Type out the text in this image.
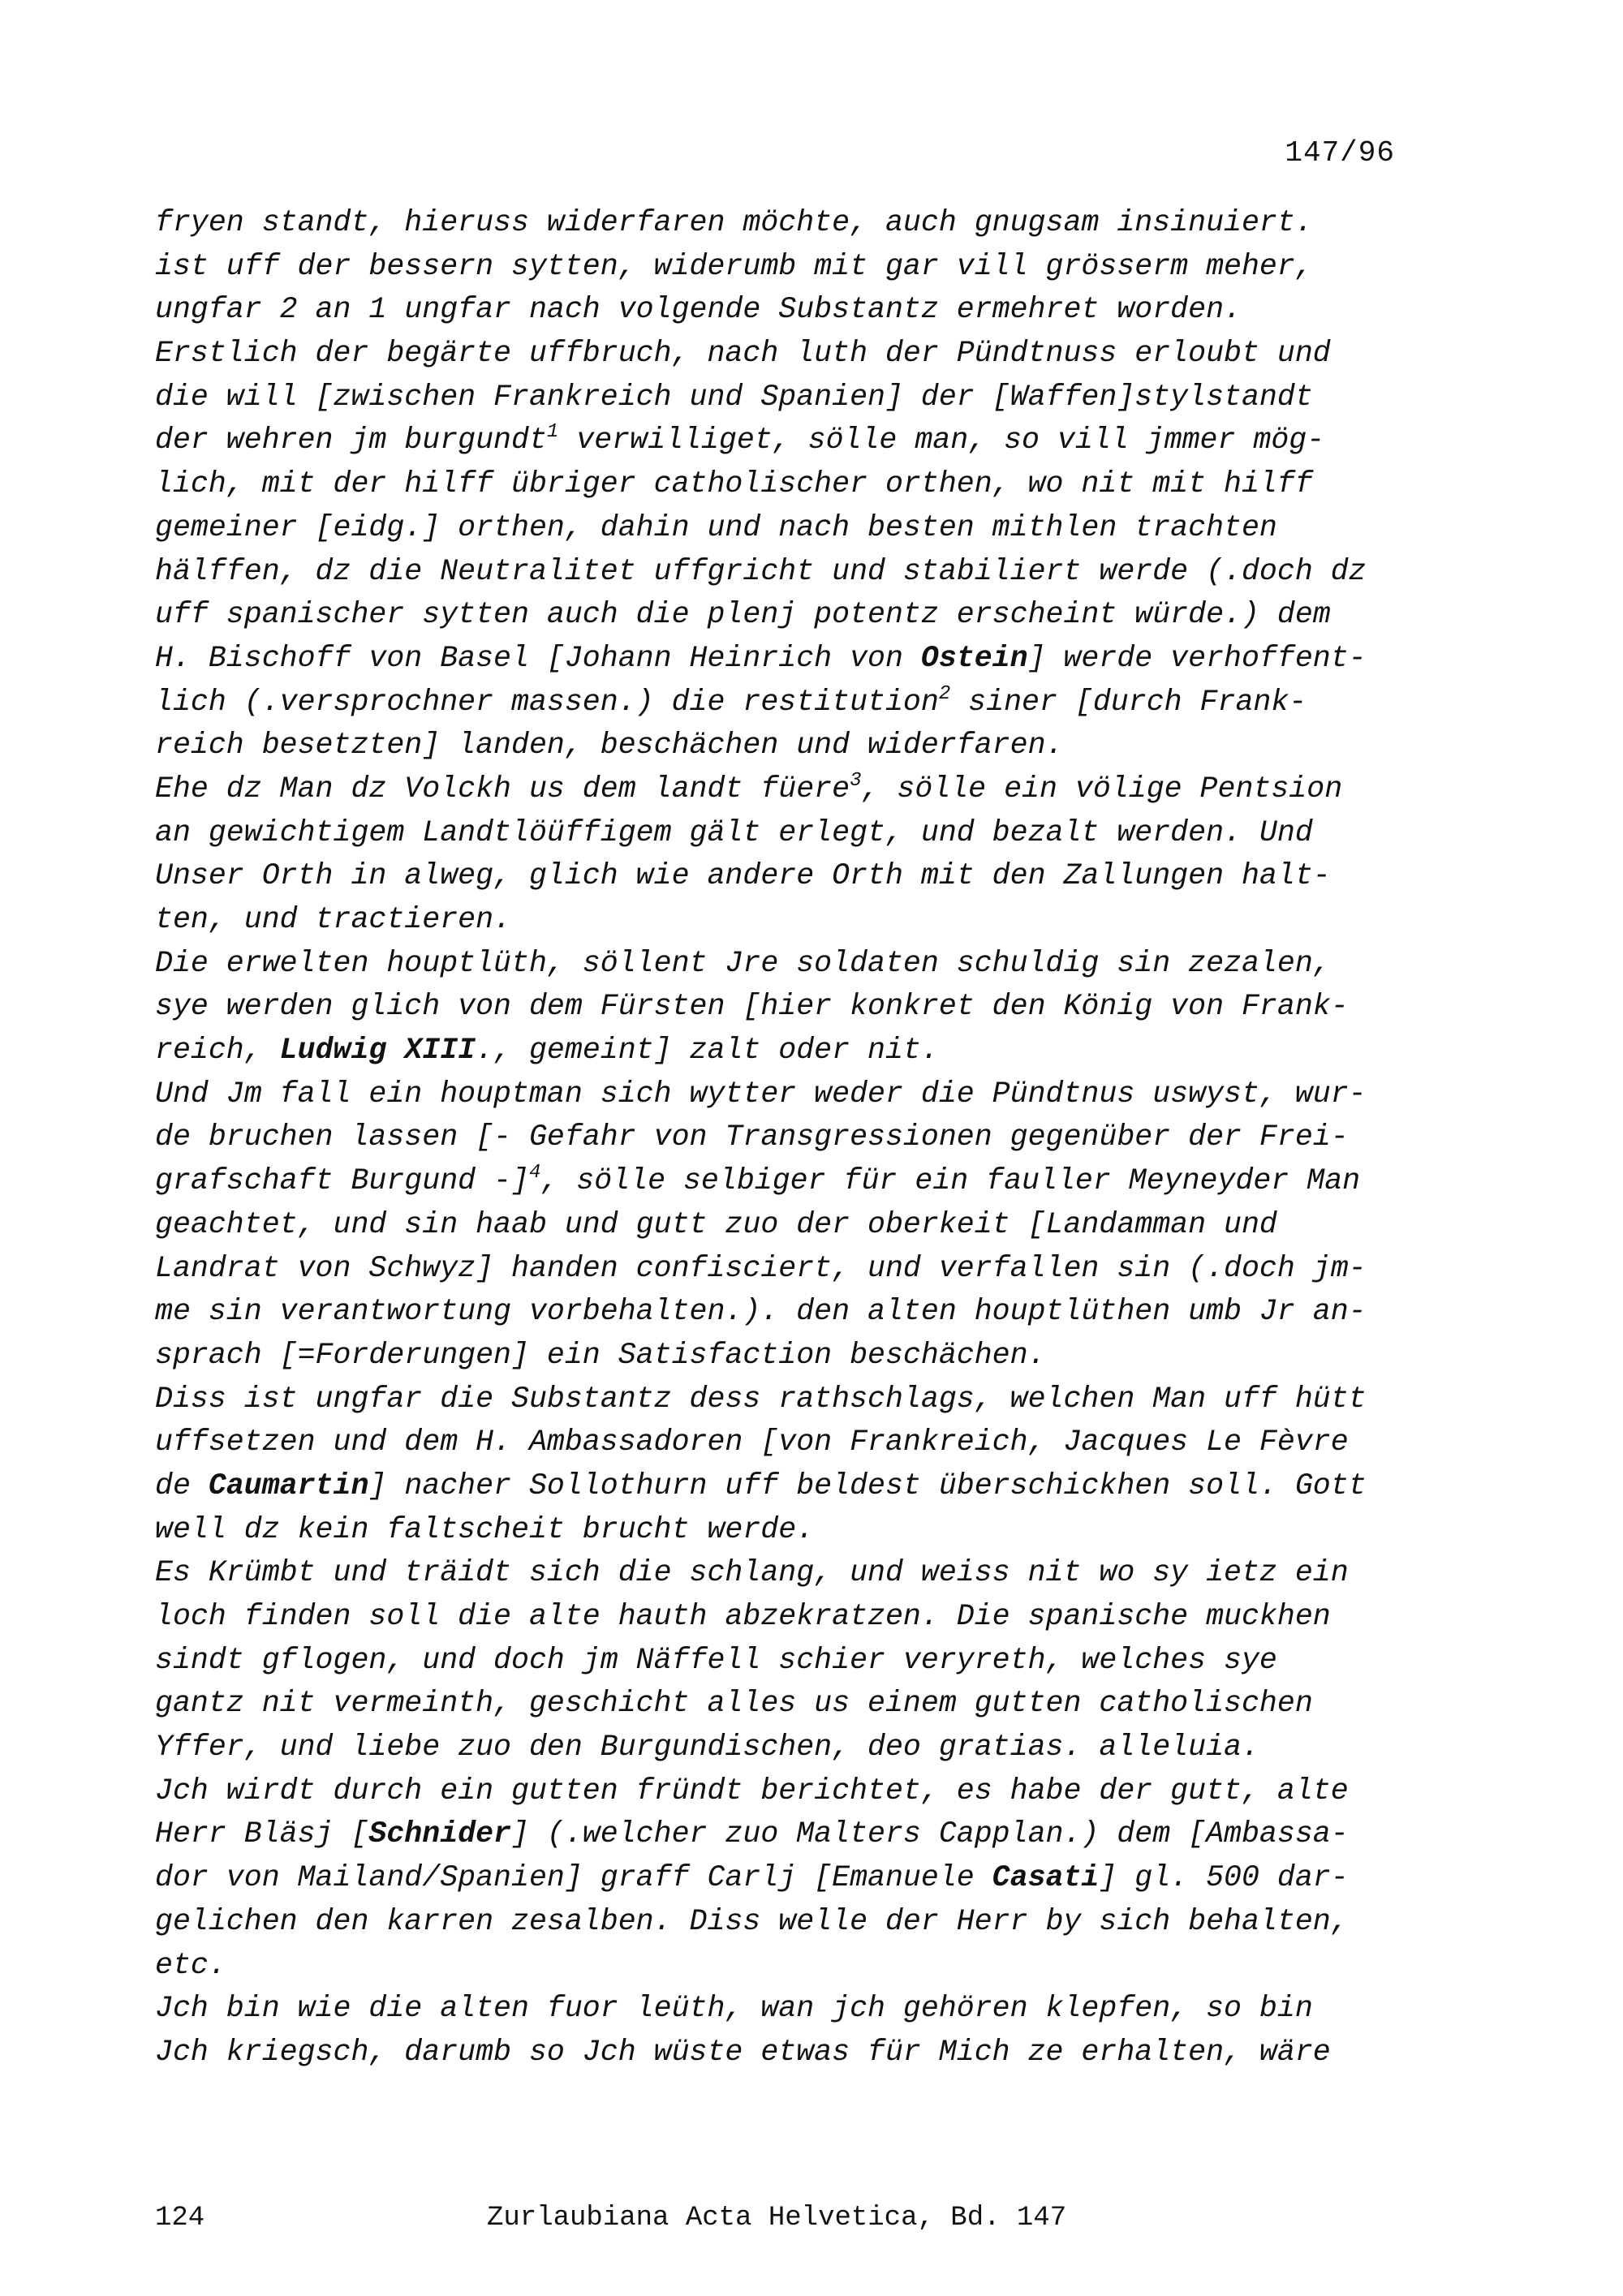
147/96
fryen standt, hieruss widerfaren möchte, auch gnugsam insinuiert.
ist uff der bessern sytten, widerumb mit gar vill grösserm meher,
ungfar 2 an 1 ungfar nach volgende Substantz ermehret worden.
Erstlich der begärte uffbruch, nach luth der Pündtnuss erloubt und
die will [zwischen Frankreich und Spanien] der [Waffen]stylstandt
der wehren jm burgundt$^1$ verwilliget, sölle man, so vill jmmer mög-
lich, mit der hilff übriger catholischer orthen, wo nit mit hilff
gemeiner [eidg.] orthen, dahin und nach besten mithlen trachten
hälffen, dz die Neutralitet uffgricht und stabiliert werde (.doch dz
uff spanischer sytten auch die plenj potentz erscheint würde.) dem
H. Bischoff von Basel [Johann Heinrich von Ostein] werde verhoffent-
lich (.versprochner massen.) die restitution$^2$ siner [durch Frank-
reich besetzten] landen, beschächen und widerfaren.
Ehe dz Man dz Volckh us dem landt füere$^3$, sölle ein völige Pentsion
an gewichtigem Landtlöüffigem gält erlegt, und bezalt werden. Und
Unser Orth in alweg, glich wie andere Orth mit den Zallungen halt-
ten, und tractieren.
Die erwelten houptlüth, söllent Jre soldaten schuldig sin zezalen,
sye werden glich von dem Fürsten [hier konkret den König von Frank-
reich, Ludwig XIII., gemeint] zalt oder nit.
Und Jm fall ein houptman sich wytter weder die Pündtnus uswyst, wur-
de bruchen lassen [- Gefahr von Transgressionen gegenüber der Frei-
grafschaft Burgund -]$^4$, sölle selbiger für ein fauller Meyneyder Man
geachtet, und sin haab und gutt zuo der oberkeit [Landamman und
Landrat von Schwyz] handen confisciert, und verfallen sin (.doch jm-
me sin verantwortung vorbehalten.). den alten houptlüthen umb Jr an-
sprach [=Forderungen] ein Satisfaction beschächen.
Diss ist ungfar die Substantz dess rathschlags, welchen Man uff hütt
uffsetzen und dem H. Ambassadoren [von Frankreich, Jacques Le Fèvre
de Caumartin] nacher Sollothurn uff beldest überschickhen soll. Gott
well dz kein faltscheit brucht werde.
Es Krümbt und träidt sich die schlang, und weiss nit wo sy ietz ein
loch finden soll die alte hauth abzekratzen. Die spanische muckhen
sindt gflogen, und doch jm Näffell schier veryreth, welches sye
gantz nit vermeinth, geschicht alles us einem gutten catholischen
Yffer, und liebe zuo den Burgundischen, deo gratias. alleluia.
Jch wirdt durch ein gutten fründt berichtet, es habe der gutt, alte
Herr Bläsj [Schnider] (.welcher zuo Malters Capplan.) dem [Ambassa-
dor von Mailand/Spanien] graff Carlj [Emanuele Casati] gl. 500 dar-
gelichen den karren zesalben. Diss welle der Herr by sich behalten,
etc.
Jch bin wie die alten fuor leüth, wan jch gehören klepfen, so bin
Jch kriegsch, darumb so Jch wüste etwas für Mich ze erhalten, wäre
124	Zurlaubiana Acta Helvetica, Bd. 147
